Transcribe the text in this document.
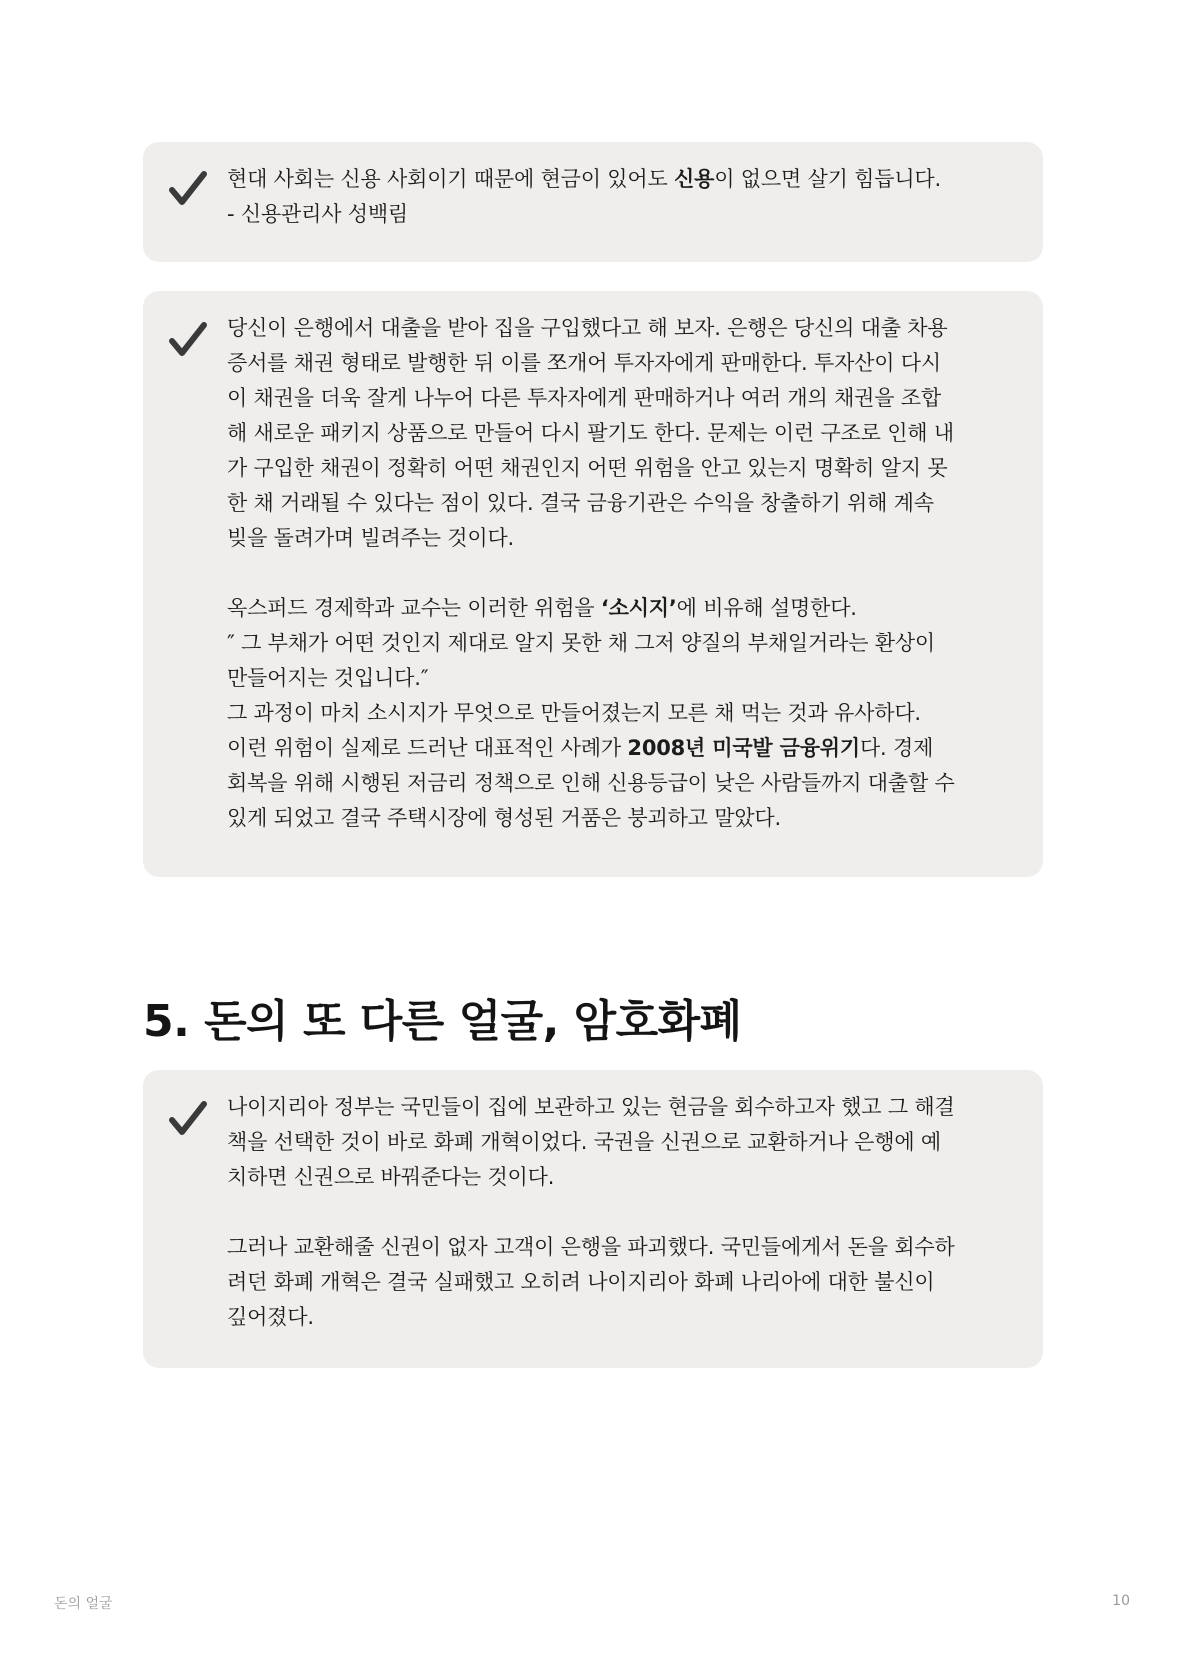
현대 사회는 신용 사회이기 때문에 현금이 있어도 신용이 없으면 살기 힘듭니다.

- 신용관리사 성백림

당신이 은행에서 대출을 받아 집을 구입했다고 해 보자. 은행은 당신의 대출 차용

증서를 채권 형태로 발행한 뒤 이를 쪼개어 투자자에게 판매한다. 투자산이 다시

이 채권을 더욱 잘게 나누어 다른 투자자에게 판매하거나 여러 개의 채권을 조합

해 새로운 패키지 상품으로 만들어 다시 팔기도 한다. 문제는 이런 구조로 인해 내

가 구입한 채권이 정확히 어떤 채권인지 어떤 위험을 안고 있는지 명확히 알지 못

한 채 거래될 수 있다는 점이 있다. 결국 금융기관은 수익을 창출하기 위해 계속

빚을 돌려가며 빌려주는 것이다.

옥스퍼드 경제학과 교수는 이러한 위험을 ‘소시지’에 비유해 설명한다.

″ 그 부채가 어떤 것인지 제대로 알지 못한 채 그저 양질의 부채일거라는 환상이

만들어지는 것입니다.″

그 과정이 마치 소시지가 무엇으로 만들어졌는지 모른 채 먹는 것과 유사하다.

이런 위험이 실제로 드러난 대표적인 사례가 2008년 미국발 금융위기다. 경제

회복을 위해 시행된 저금리 정책으로 인해 신용등급이 낮은 사람들까지 대출할 수

있게 되었고 결국 주택시장에 형성된 거품은 붕괴하고 말았다.

5. 돈의 또 다른 얼굴, 암호화폐

나이지리아 정부는 국민들이 집에 보관하고 있는 현금을 회수하고자 했고 그 해결

책을 선택한 것이 바로 화폐 개혁이었다. 국권을 신권으로 교환하거나 은행에 예

치하면 신권으로 바꿔준다는 것이다.

그러나 교환해줄 신권이 없자 고객이 은행을 파괴했다. 국민들에게서 돈을 회수하

려던 화폐 개혁은 결국 실패했고 오히려 나이지리아 화폐 나리아에 대한 불신이

깊어졌다.

돈의 얼굴	10
